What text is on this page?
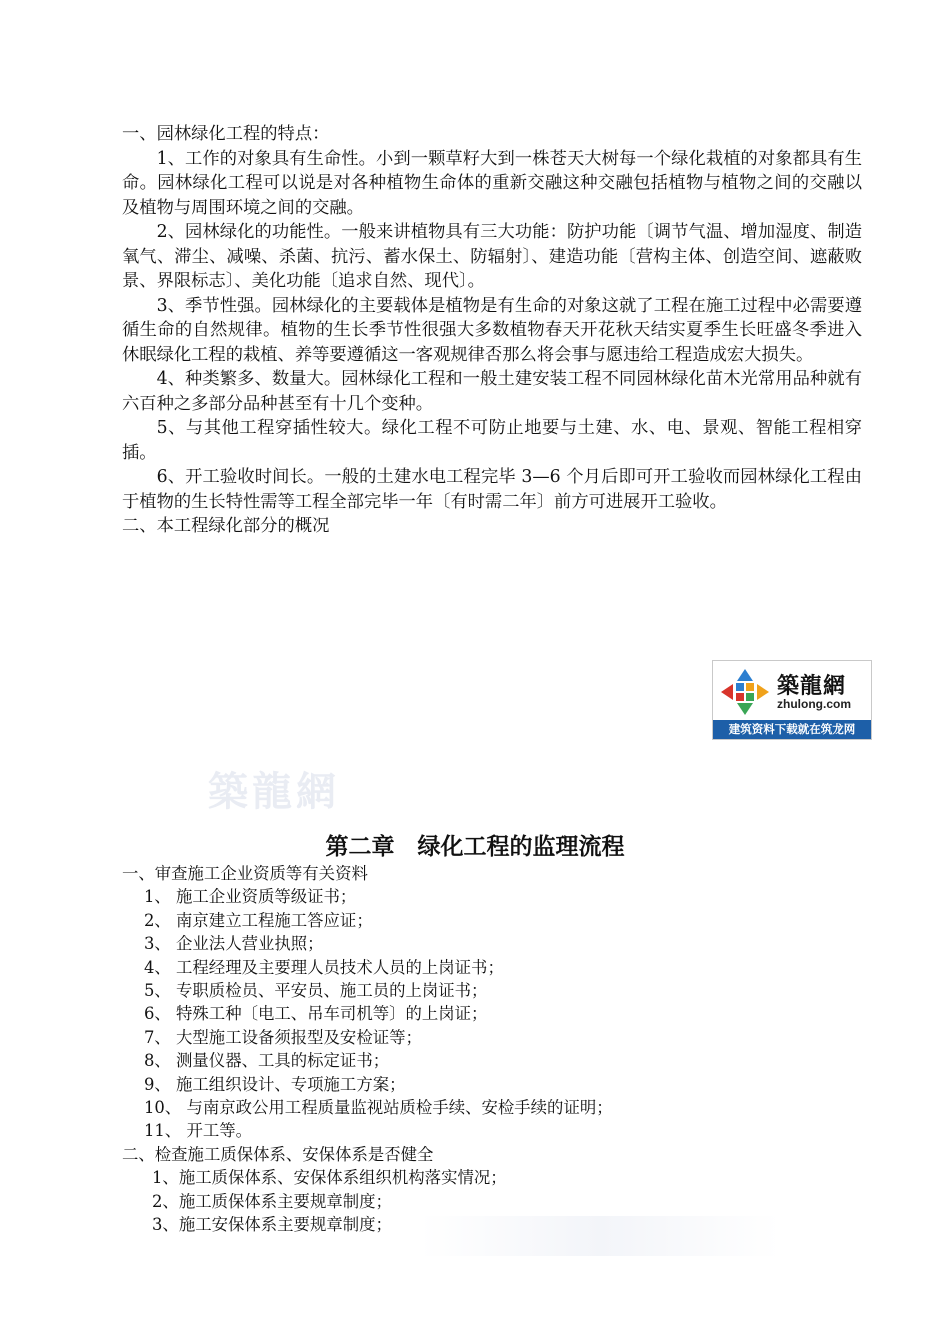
一、园林绿化工程的特点：

1、工作的对象具有生命性。小到一颗草籽大到一株苍天大树每一个绿化栽植的对象都具有生命。园林绿化工程可以说是对各种植物生命体的重新交融这种交融包括植物与植物之间的交融以及植物与周围环境之间的交融。

2、园林绿化的功能性。一般来讲植物具有三大功能：防护功能〔调节气温、增加湿度、制造氧气、滞尘、减噪、杀菌、抗污、蓄水保土、防辐射〕、建造功能〔营构主体、创造空间、遮蔽败景、界限标志〕、美化功能〔追求自然、现代〕。

3、季节性强。园林绿化的主要载体是植物是有生命的对象这就了工程在施工过程中必需要遵循生命的自然规律。植物的生长季节性很强大多数植物春天开花秋天结实夏季生长旺盛冬季进入休眠绿化工程的栽植、养等要遵循这一客观规律否那么将会事与愿违给工程造成宏大损失。

4、种类繁多、数量大。园林绿化工程和一般土建安装工程不同园林绿化苗木光常用品种就有六百种之多部分品种甚至有十几个变种。

5、与其他工程穿插性较大。绿化工程不可防止地要与土建、水、电、景观、智能工程相穿插。

6、开工验收时间长。一般的土建水电工程完毕 3—6 个月后即可开工验收而园林绿化工程由于植物的生长特性需等工程全部完毕一年〔有时需二年〕前方可进展开工验收。

二、本工程绿化部分的概况

築龍網
zhulong.com
建筑资料下载就在筑龙网
築龍網
第二章　绿化工程的监理流程

一、审查施工企业资质等有关资料

1、 施工企业资质等级证书；

2、 南京建立工程施工答应证；

3、 企业法人营业执照；

4、 工程经理及主要理人员技术人员的上岗证书；

5、 专职质检员、平安员、施工员的上岗证书；

6、 特殊工种〔电工、吊车司机等〕的上岗证；

7、 大型施工设备须报型及安检证等；

8、 测量仪器、工具的标定证书；

9、 施工组织设计、专项施工方案；

10、 与南京政公用工程质量监视站质检手续、安检手续的证明；

11、 开工等。

二、检查施工质保体系、安保体系是否健全

1、施工质保体系、安保体系组织机构落实情况；

2、施工质保体系主要规章制度；

3、施工安保体系主要规章制度；
